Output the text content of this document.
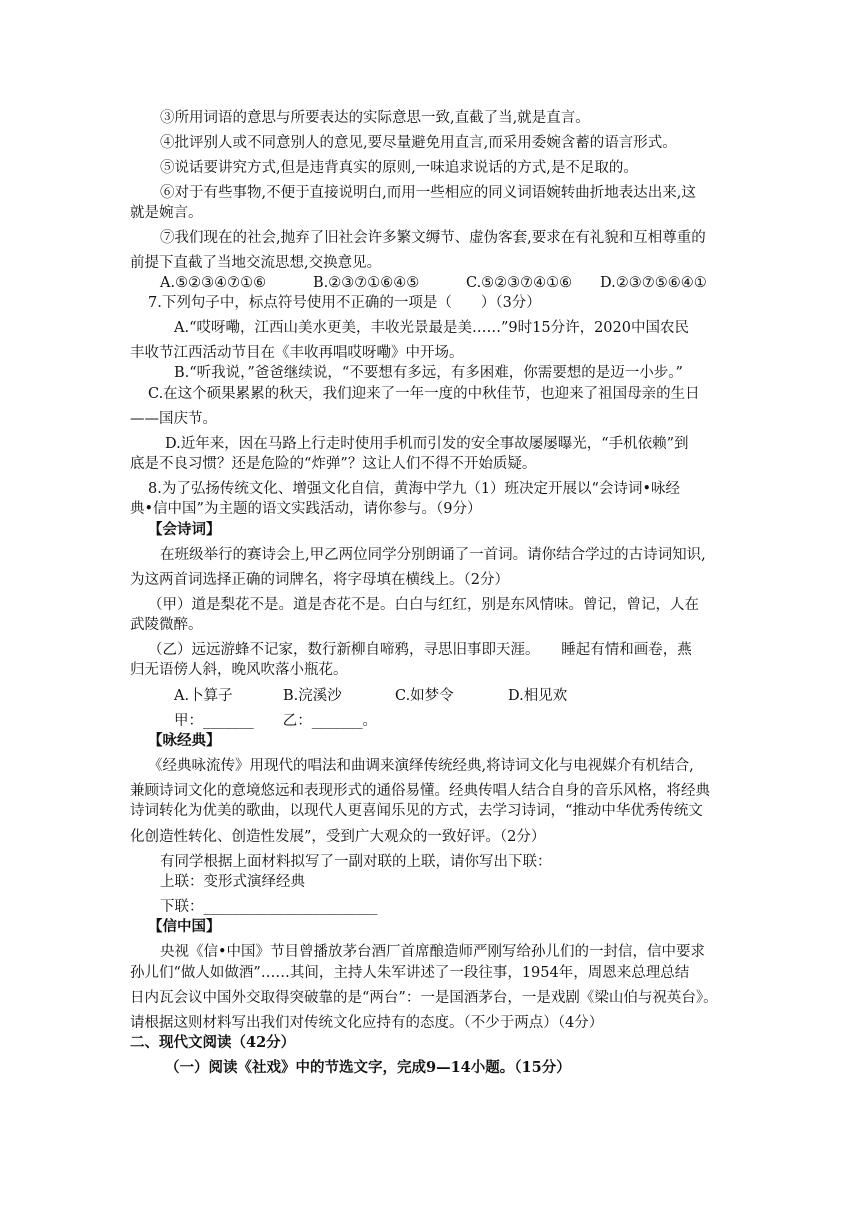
③所用词语的意思与所要表达的实际意思一致,直截了当,就是直言。
④批评别人或不同意别人的意见,要尽量避免用直言,而采用委婉含蓄的语言形式。
⑤说话要讲究方式,但是违背真实的原则,一味追求说话的方式,是不足取的。
⑥对于有些事物,不便于直接说明白,而用一些相应的同义词语婉转曲折地表达出来,这
就是婉言。
⑦我们现在的社会,抛弃了旧社会许多繁文缛节、虚伪客套,要求在有礼貌和互相尊重的
前提下直截了当地交流思想,交换意见。
A.⑤②③④⑦①⑥	B.②③⑦①⑥④⑤	C.⑤②③⑦④①⑥ D.②③⑦⑤⑥④①
7.下列句子中，标点符号使用不正确的一项是（　　）（3分）
A.“哎呀嘞，江西山美水更美，丰收光景最是美……”9时15分许，2020中国农民
丰收节江西活动节目在《丰收再唱哎呀嘞》中开场。
B.“听我说，”爸爸继续说，“不要想有多远，有多困难，你需要想的是迈一小步。”
C.在这个硕果累累的秋天，我们迎来了一年一度的中秋佳节，也迎来了祖国母亲的生日
——国庆节。
D.近年来，因在马路上行走时使用手机而引发的安全事故屡屡曝光，“手机依赖”到
底是不良习惯？还是危险的“炸弹”？这让人们不得不开始质疑。
8.为了弘扬传统文化、增强文化自信，黄海中学九（1）班决定开展以“会诗词•咏经
典•信中国”为主题的语文实践活动，请你参与。（9分）
【会诗词】
在班级举行的赛诗会上,甲乙两位同学分别朗诵了一首词。请你结合学过的古诗词知识,
为这两首词选择正确的词牌名，将字母填在横线上。（2分）
（甲）道是梨花不是。道是杏花不是。白白与红红，别是东风情味。曾记，曾记，人在
武陵微醉。
（乙）远远游蜂不记家，数行新柳自啼鸦，寻思旧事即天涯。　　睡起有情和画卷，燕
归无语傍人斜，晚风吹落小瓶花。
A.卜算子	B.浣溪沙	C.如梦令	D.相见欢
甲：_______　　乙：_______。
【咏经典】
《经典咏流传》用现代的唱法和曲调来演绎传统经典,将诗词文化与电视媒介有机结合,
兼顾诗词文化的意境悠远和表现形式的通俗易懂。经典传唱人结合自身的音乐风格，将经典
诗词转化为优美的歌曲，以现代人更喜闻乐见的方式，去学习诗词，“推动中华优秀传统文
化创造性转化、创造性发展”，受到广大观众的一致好评。（2分）
有同学根据上面材料拟写了一副对联的上联，请你写出下联：
上联：变形式演绎经典
下联：________________________
【信中国】
央视《信•中国》节目曾播放茅台酒厂首席酿造师严刚写给孙儿们的一封信，信中要求
孙儿们“做人如做酒”……其间，主持人朱军讲述了一段往事，1954年，周恩来总理总结
日内瓦会议中国外交取得突破靠的是“两台”：一是国酒茅台，一是戏剧《梁山伯与祝英台》。
请根据这则材料写出我们对传统文化应持有的态度。（不少于两点）（4分）
二、现代文阅读（42分）
（一）阅读《社戏》中的节选文字，完成9—14小题。（15分）
